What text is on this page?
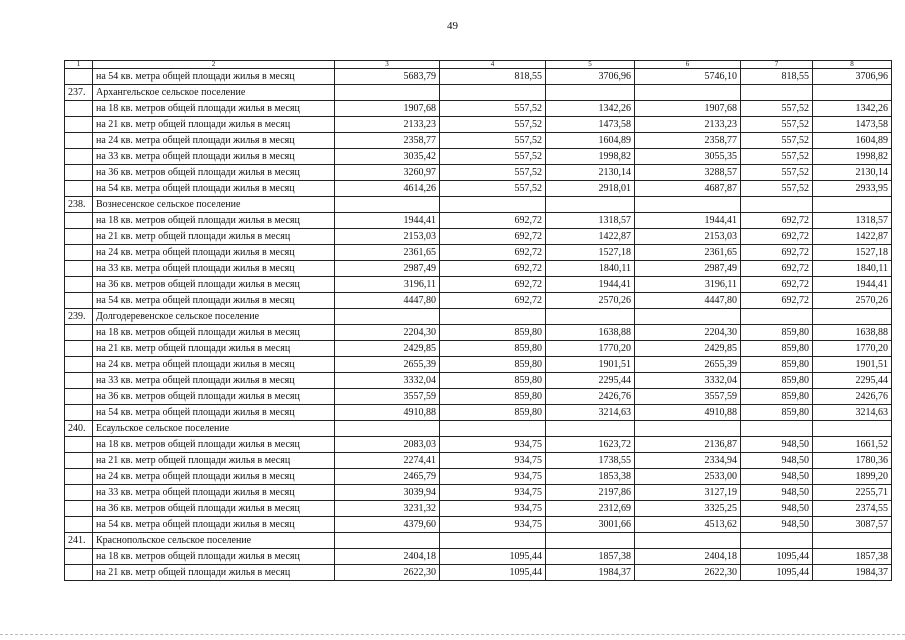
49
1	2	3	4	5	6	7	8
	на 54 кв. метра общей площади жилья в месяц	5683,79	818,55	3706,96	5746,10	818,55	3706,96
237.	Архангельское сельское поселение						
	на 18 кв. метров общей площади жилья в месяц	1907,68	557,52	1342,26	1907,68	557,52	1342,26
	на 21 кв. метр общей площади жилья в месяц	2133,23	557,52	1473,58	2133,23	557,52	1473,58
	на 24 кв. метра общей площади жилья в месяц	2358,77	557,52	1604,89	2358,77	557,52	1604,89
	на 33 кв. метра общей площади жилья в месяц	3035,42	557,52	1998,82	3055,35	557,52	1998,82
	на 36 кв. метров общей площади жилья в месяц	3260,97	557,52	2130,14	3288,57	557,52	2130,14
	на 54 кв. метра общей площади жилья в месяц	4614,26	557,52	2918,01	4687,87	557,52	2933,95
238.	Вознесенское сельское поселение						
	на 18 кв. метров общей площади жилья в месяц	1944,41	692,72	1318,57	1944,41	692,72	1318,57
	на 21 кв. метр общей площади жилья в месяц	2153,03	692,72	1422,87	2153,03	692,72	1422,87
	на 24 кв. метра общей площади жилья в месяц	2361,65	692,72	1527,18	2361,65	692,72	1527,18
	на 33 кв. метра общей площади жилья в месяц	2987,49	692,72	1840,11	2987,49	692,72	1840,11
	на 36 кв. метров общей площади жилья в месяц	3196,11	692,72	1944,41	3196,11	692,72	1944,41
	на 54 кв. метра общей площади жилья в месяц	4447,80	692,72	2570,26	4447,80	692,72	2570,26
239.	Долгодеревенское сельское поселение						
	на 18 кв. метров общей площади жилья в месяц	2204,30	859,80	1638,88	2204,30	859,80	1638,88
	на 21 кв. метр общей площади жилья в месяц	2429,85	859,80	1770,20	2429,85	859,80	1770,20
	на 24 кв. метра общей площади жилья в месяц	2655,39	859,80	1901,51	2655,39	859,80	1901,51
	на 33 кв. метра общей площади жилья в месяц	3332,04	859,80	2295,44	3332,04	859,80	2295,44
	на 36 кв. метров общей площади жилья в месяц	3557,59	859,80	2426,76	3557,59	859,80	2426,76
	на 54 кв. метра общей площади жилья в месяц	4910,88	859,80	3214,63	4910,88	859,80	3214,63
240.	Есаульское сельское поселение						
	на 18 кв. метров общей площади жилья в месяц	2083,03	934,75	1623,72	2136,87	948,50	1661,52
	на 21 кв. метр общей площади жилья в месяц	2274,41	934,75	1738,55	2334,94	948,50	1780,36
	на 24 кв. метра общей площади жилья в месяц	2465,79	934,75	1853,38	2533,00	948,50	1899,20
	на 33 кв. метра общей площади жилья в месяц	3039,94	934,75	2197,86	3127,19	948,50	2255,71
	на 36 кв. метров общей площади жилья в месяц	3231,32	934,75	2312,69	3325,25	948,50	2374,55
	на 54 кв. метра общей площади жилья в месяц	4379,60	934,75	3001,66	4513,62	948,50	3087,57
241.	Краснопольское сельское поселение						
	на 18 кв. метров общей площади жилья в месяц	2404,18	1095,44	1857,38	2404,18	1095,44	1857,38
	на 21 кв. метр общей площади жилья в месяц	2622,30	1095,44	1984,37	2622,30	1095,44	1984,37
